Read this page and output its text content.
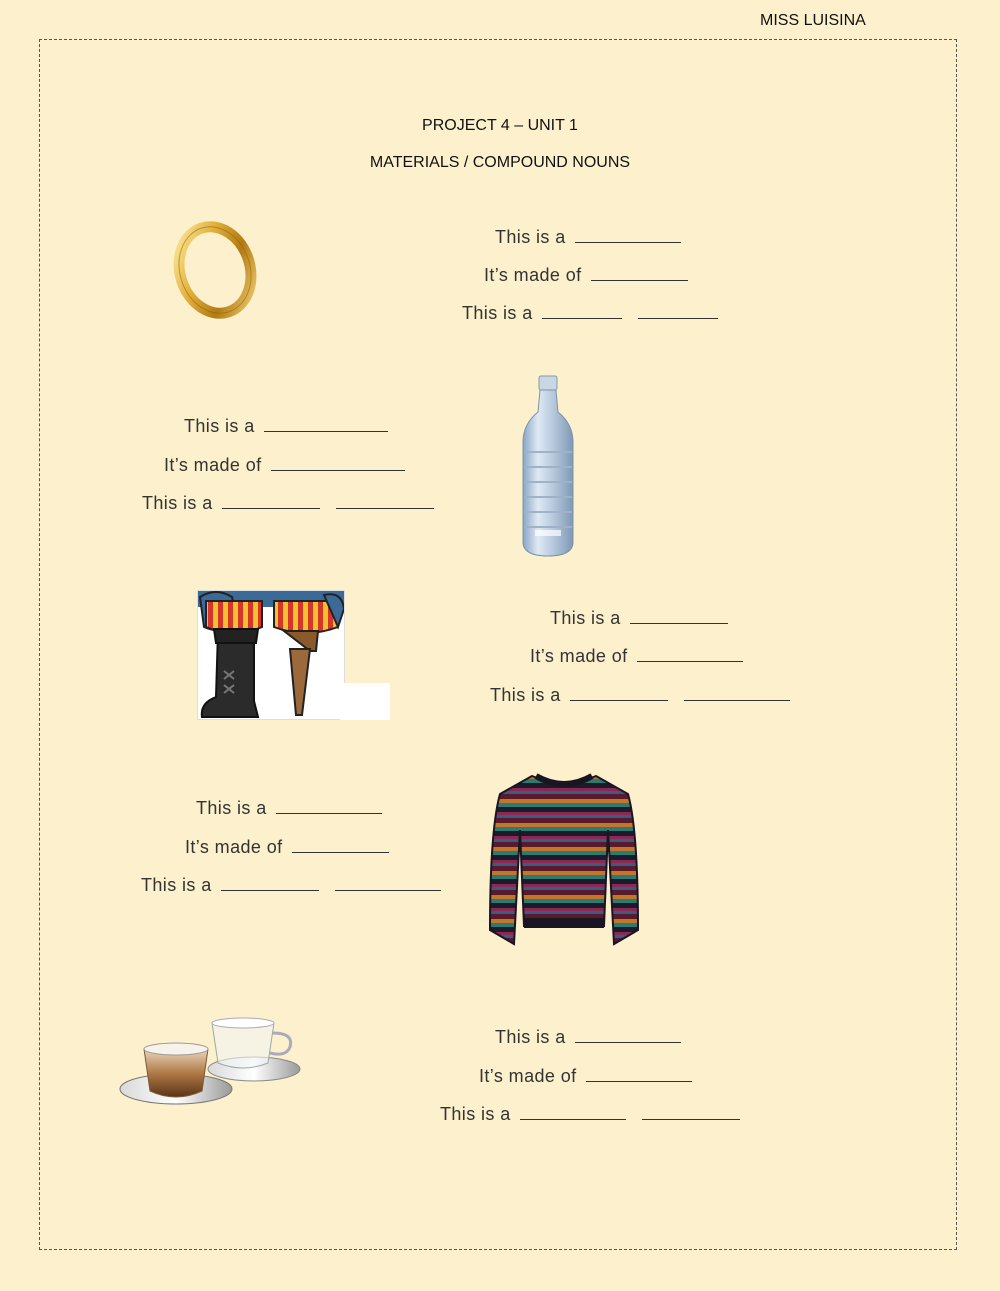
MISS LUISINA
PROJECT 4 – UNIT 1
MATERIALS / COMPOUND NOUNS
This is a
It’s made of
This is a
This is a
It’s made of
This is a
This is a
It’s made of
This is a
This is a
It’s made of
This is a
This is a
It’s made of
This is a
